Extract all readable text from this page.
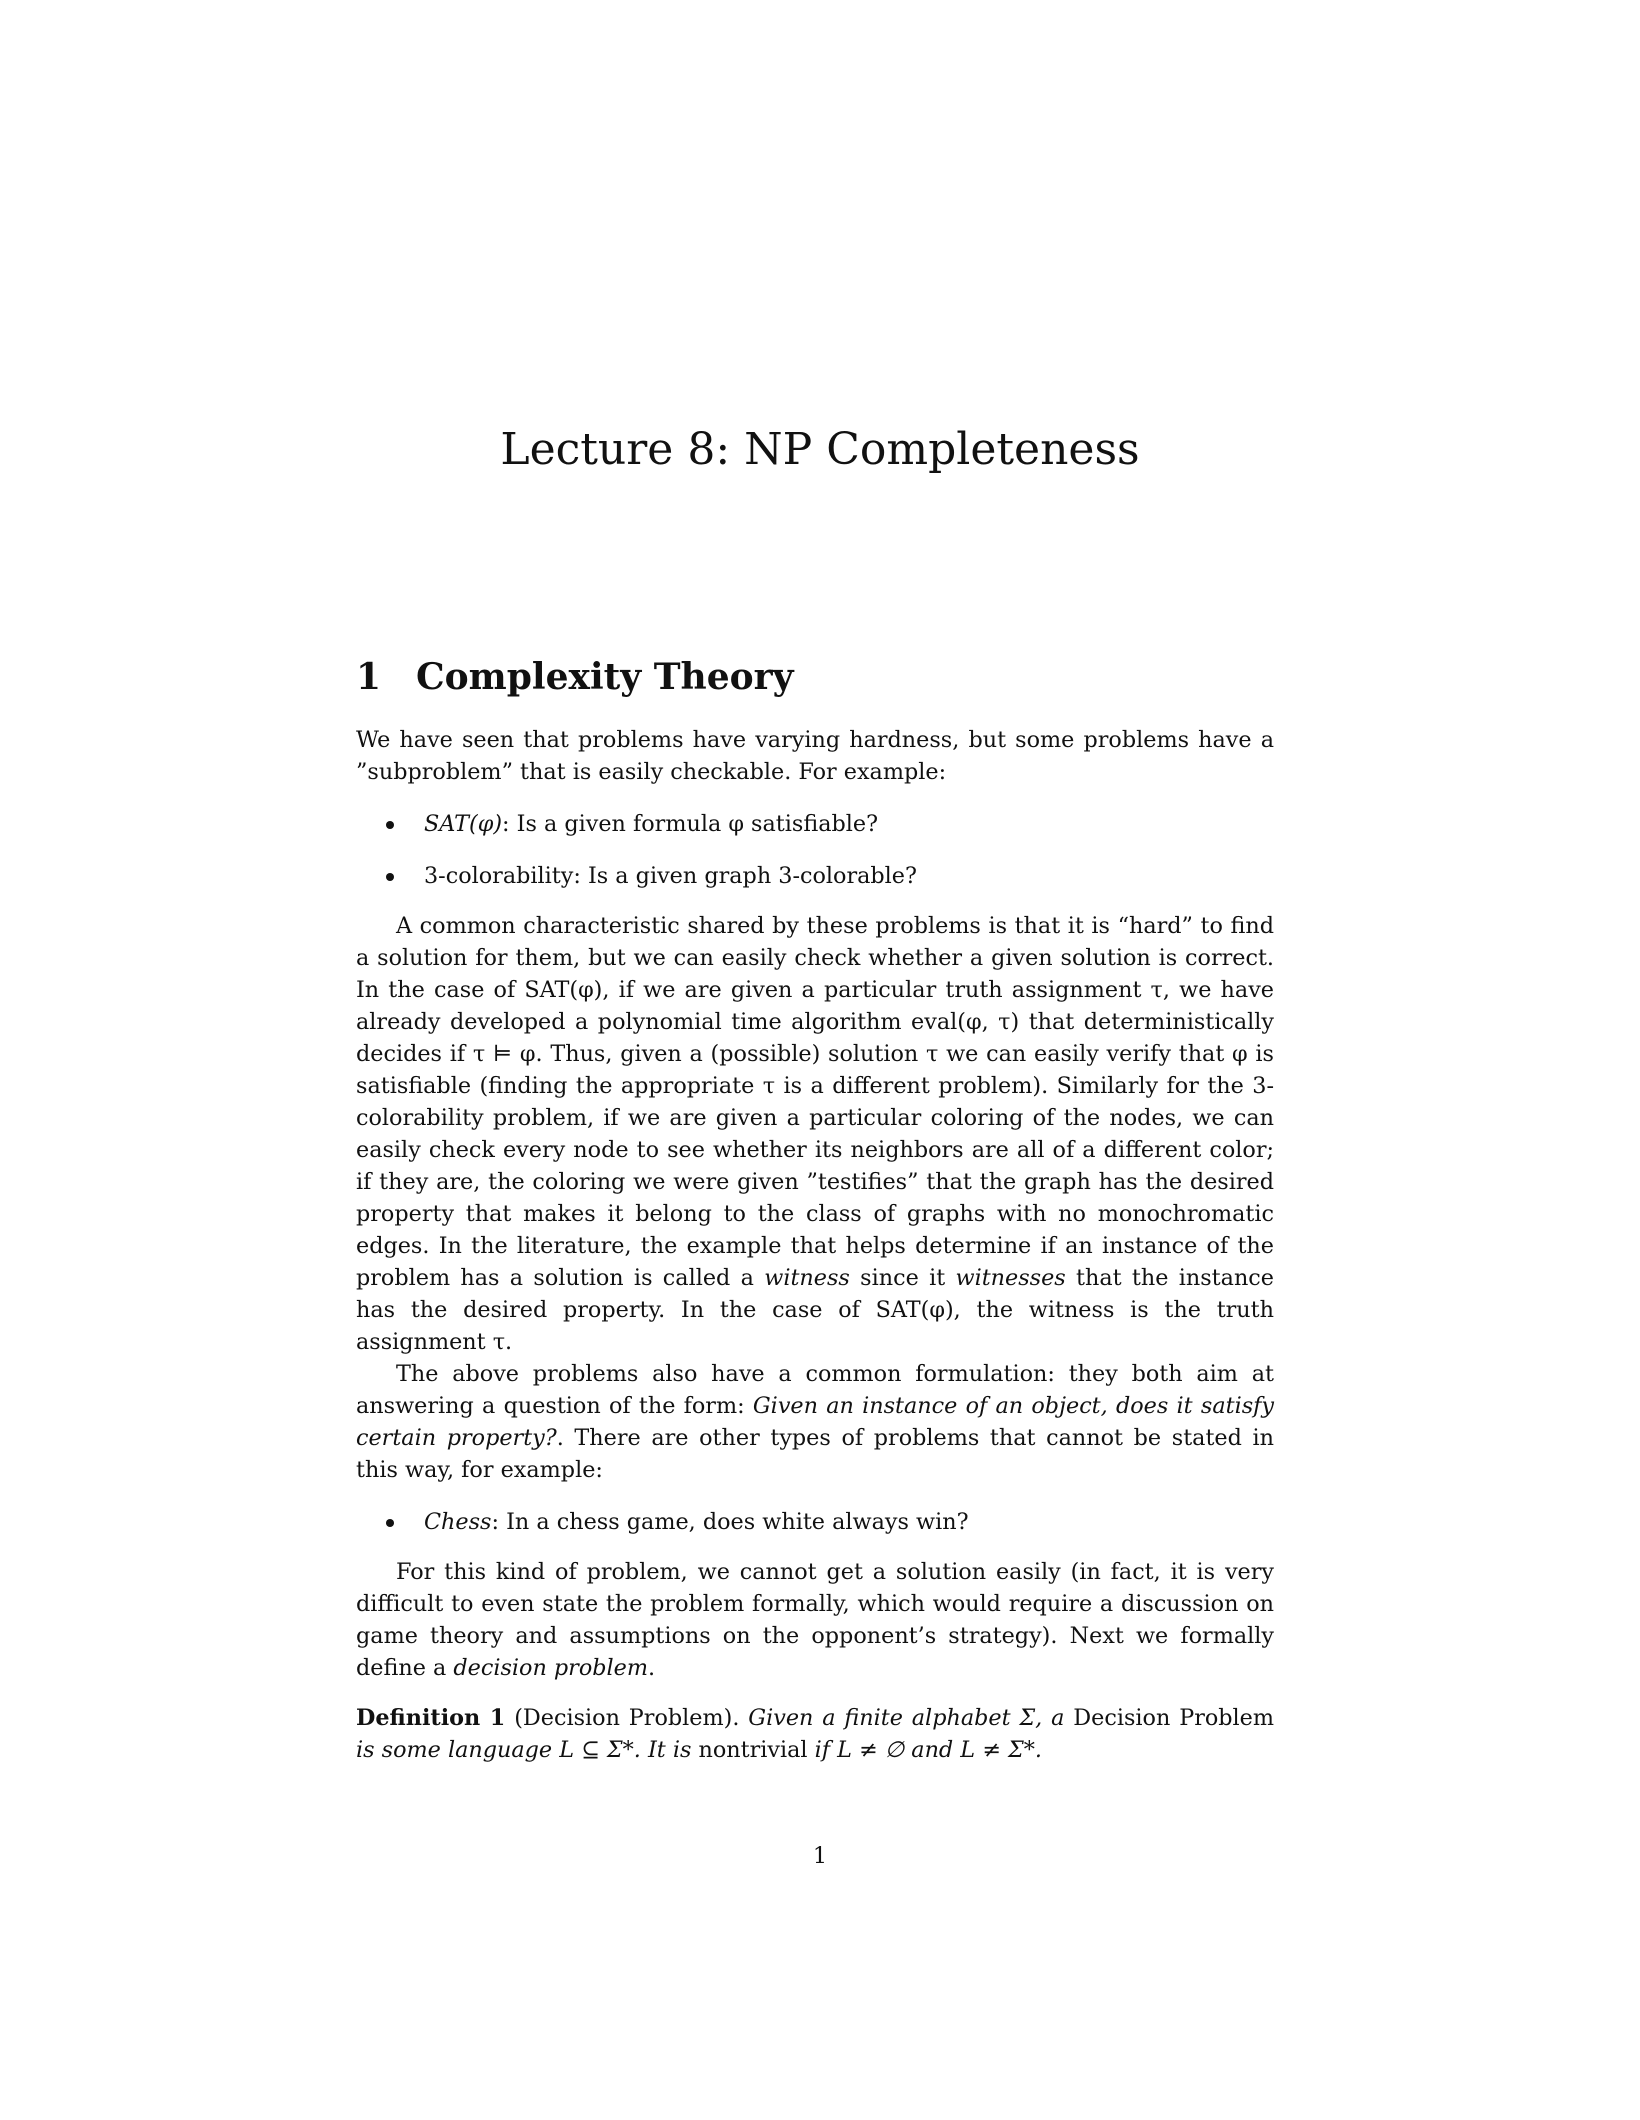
Lecture 8: NP Completeness
1 Complexity Theory

We have seen that problems have varying hardness, but some problems have a ”subproblem” that is easily checkable. For example:

SAT(φ): Is a given formula φ satisfiable?
3-colorability: Is a given graph 3-colorable?

A common characteristic shared by these problems is that it is “hard” to find a solution for them, but we can easily check whether a given solution is correct. In the case of SAT(φ), if we are given a particular truth assignment τ, we have already developed a polynomial time algorithm eval(φ, τ) that deterministically decides if τ ⊨ φ. Thus, given a (possible) solution τ we can easily verify that φ is satisfiable (finding the appropriate τ is a different problem). Similarly for the 3-colorability problem, if we are given a particular coloring of the nodes, we can easily check every node to see whether its neighbors are all of a different color; if they are, the coloring we were given ”testifies” that the graph has the desired property that makes it belong to the class of graphs with no monochromatic edges. In the literature, the example that helps determine if an instance of the problem has a solution is called a witness since it witnesses that the instance has the desired property. In the case of SAT(φ), the witness is the truth assignment τ.

The above problems also have a common formulation: they both aim at answering a question of the form: Given an instance of an object, does it satisfy certain property?. There are other types of problems that cannot be stated in this way, for example:

Chess: In a chess game, does white always win?

For this kind of problem, we cannot get a solution easily (in fact, it is very difficult to even state the problem formally, which would require a discussion on game theory and assumptions on the opponent’s strategy). Next we formally define a decision problem.

Definition 1 (Decision Problem). Given a finite alphabet Σ, a Decision Problem is some language L ⊆ Σ*. It is nontrivial if L ≠ ∅ and L ≠ Σ*.

1
